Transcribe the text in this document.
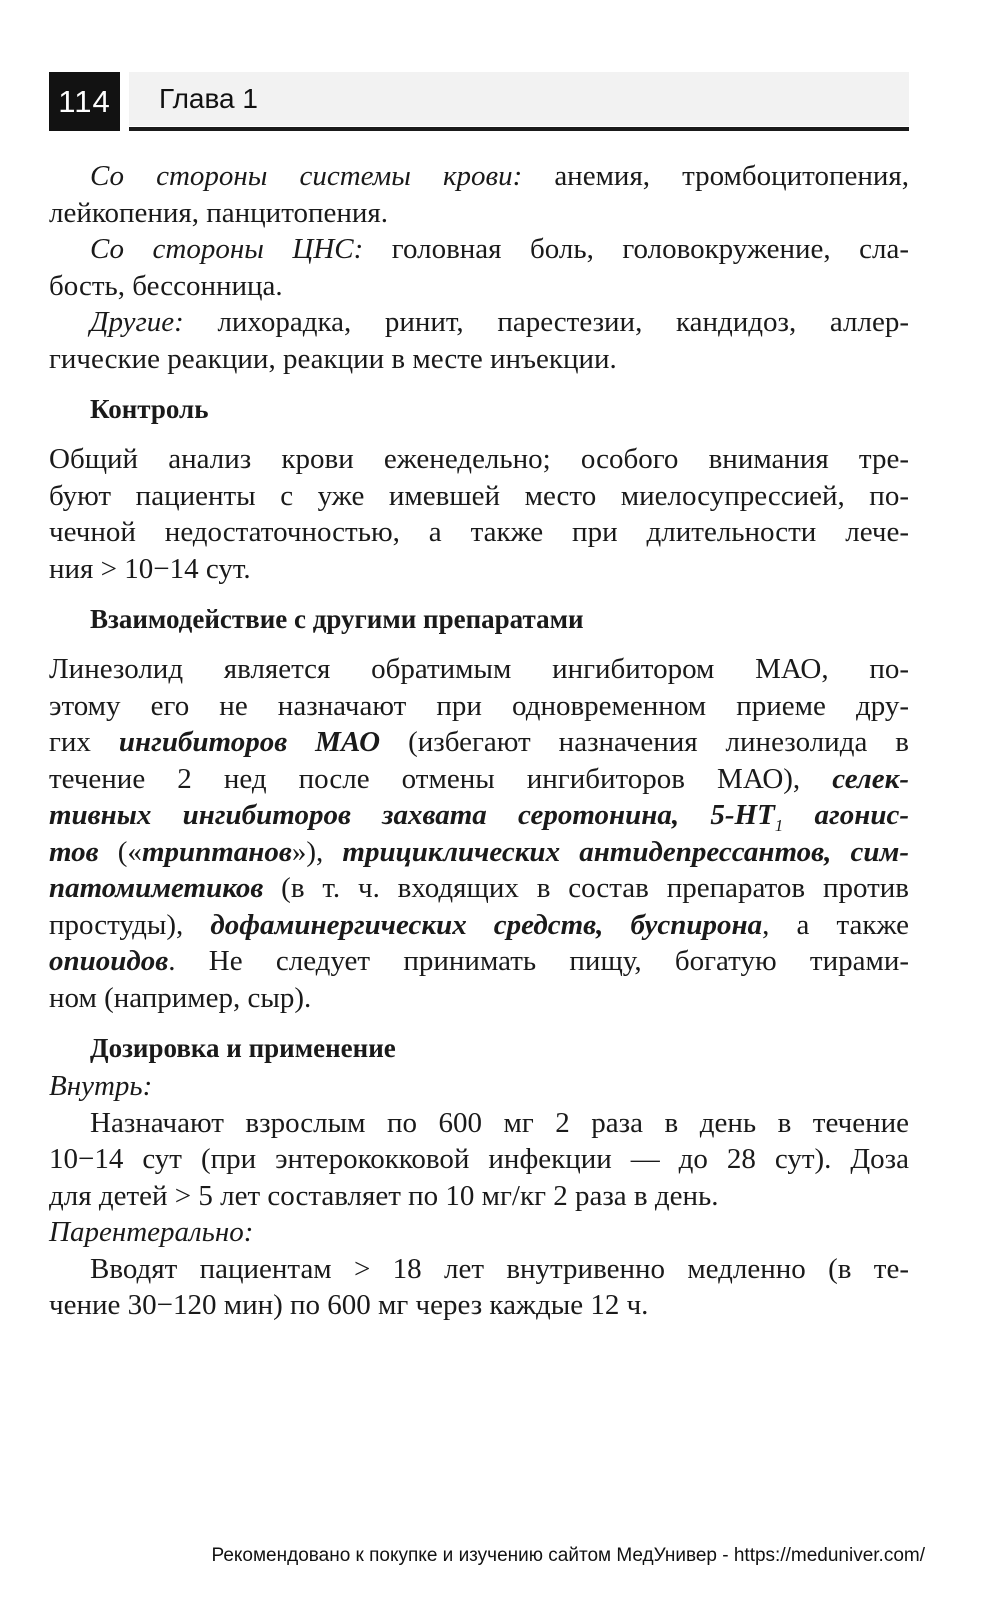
114	Глава 1
Со стороны системы крови: анемия, тромбоцитопения,
лейкопения, панцитопения.
Со стороны ЦНС: головная боль, головокружение, сла-
бость, бессонница.
Другие: лихорадка, ринит, парестезии, кандидоз, аллер-
гические реакции, реакции в месте инъекции.
Контроль
Общий анализ крови еженедельно; особого внимания тре-
буют пациенты с уже имевшей место миелосупрессией, по-
чечной недостаточностью, а также при длительности лече-
ния > 10−14 сут.
Взаимодействие с другими препаратами
Линезолид является обратимым ингибитором МАО, по-
этому его не назначают при одновременном приеме дру-
гих ингибиторов МАО (избегают назначения линезолида в
течение 2 нед после отмены ингибиторов МАО), селек-
тивных ингибиторов захвата серотонина, $5-НТ_1$ агонис-
тов («триптанов»), трициклических антидепрессантов, сим-
патомиметиков (в т. ч. входящих в состав препаратов против
простуды), дофаминергических средств, буспирона, а также
опиоидов. Не следует принимать пищу, богатую тирами-
ном (например, сыр).
Дозировка и применение
Внутрь:
Назначают взрослым по 600 мг 2 раза в день в течение
10−14 сут (при энтерококковой инфекции — до 28 сут). Доза
для детей > 5 лет составляет по 10 мг/кг 2 раза в день.
Парентерально:
Вводят пациентам > 18 лет внутривенно медленно (в те-
чение 30−120 мин) по 600 мг через каждые 12 ч.
Рекомендовано к покупке и изучению сайтом МедУнивер - https://meduniver.com/
